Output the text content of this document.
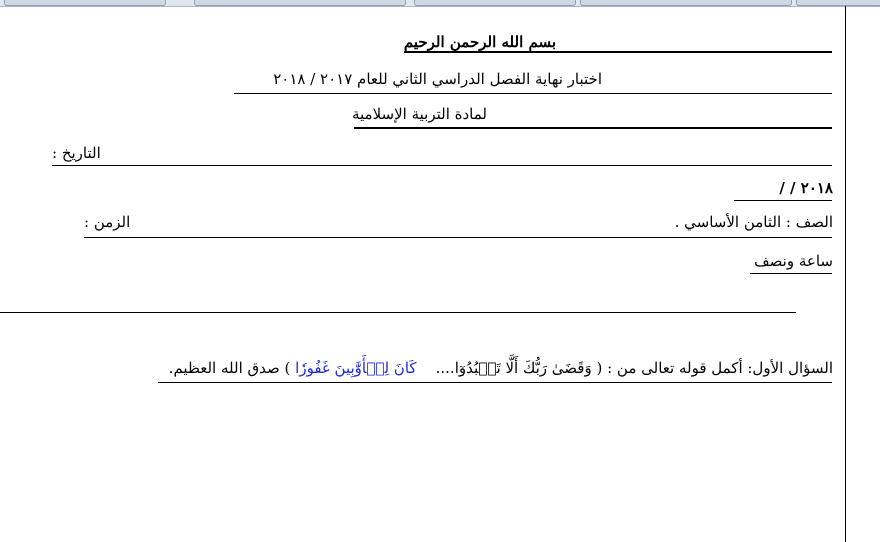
بسم الله الرحمن الرحيم
اختبار نهاية الفصل الدراسي الثاني للعام ٢٠١٧ / ٢٠١٨
لمادة التربية الإسلامية
التاريخ :
/ / ٢٠١٨
الصف : الثامن الأساسي .
الزمن :
ساعة ونصف
السؤال الأول: أكمل قوله تعالى من : ( وَقَضَىٰ رَبُّكَ أَلَّا تَعۡبُدُوٓا....    كَانَ لِلۡأَوَّٰبِينَ غَفُورٗا ) صدق الله العظيم.
